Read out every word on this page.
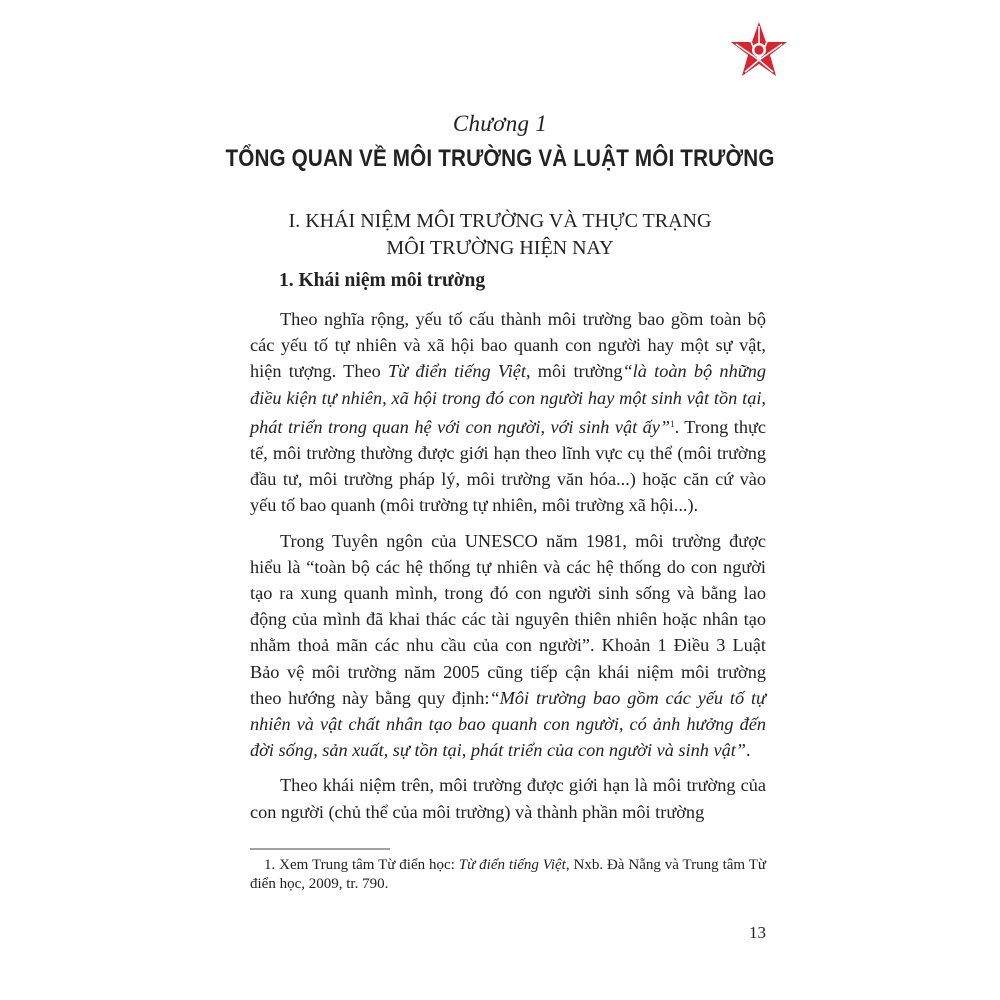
Chương 1
TỔNG QUAN VỀ MÔI TRƯỜNG VÀ LUẬT MÔI TRƯỜNG
I. KHÁI NIỆM MÔI TRƯỜNG VÀ THỰC TRẠNG
MÔI TRƯỜNG HIỆN NAY
1. Khái niệm môi trường

Theo nghĩa rộng, yếu tố cấu thành môi trường bao gồm toàn bộ các yếu tố tự nhiên và xã hội bao quanh con người hay một sự vật, hiện tượng. Theo Từ điển tiếng Việt, môi trường“là toàn bộ những điều kiện tự nhiên, xã hội trong đó con người hay một sinh vật tồn tại, phát triển trong quan hệ với con người, với sinh vật ấy”$^1$. Trong thực tế, môi trường thường được giới hạn theo lĩnh vực cụ thể (môi trường đầu tư, môi trường pháp lý, môi trường văn hóa...) hoặc căn cứ vào yếu tố bao quanh (môi trường tự nhiên, môi trường xã hội...).

Trong Tuyên ngôn của UNESCO năm 1981, môi trường được hiểu là “toàn bộ các hệ thống tự nhiên và các hệ thống do con người tạo ra xung quanh mình, trong đó con người sinh sống và bằng lao động của mình đã khai thác các tài nguyên thiên nhiên hoặc nhân tạo nhằm thoả mãn các nhu cầu của con người”. Khoản 1 Điều 3 Luật Bảo vệ môi trường năm 2005 cũng tiếp cận khái niệm môi trường theo hướng này bằng quy định:“Môi trường bao gồm các yếu tố tự nhiên và vật chất nhân tạo bao quanh con người, có ảnh hưởng đến đời sống, sản xuất, sự tồn tại, phát triển của con người và sinh vật”.

Theo khái niệm trên, môi trường được giới hạn là môi trường của con người (chủ thể của môi trường) và thành phần môi trường

1. Xem Trung tâm Từ điển học: Từ điển tiếng Việt, Nxb. Đà Nẵng và Trung tâm Từ điển học, 2009, tr. 790.
13
